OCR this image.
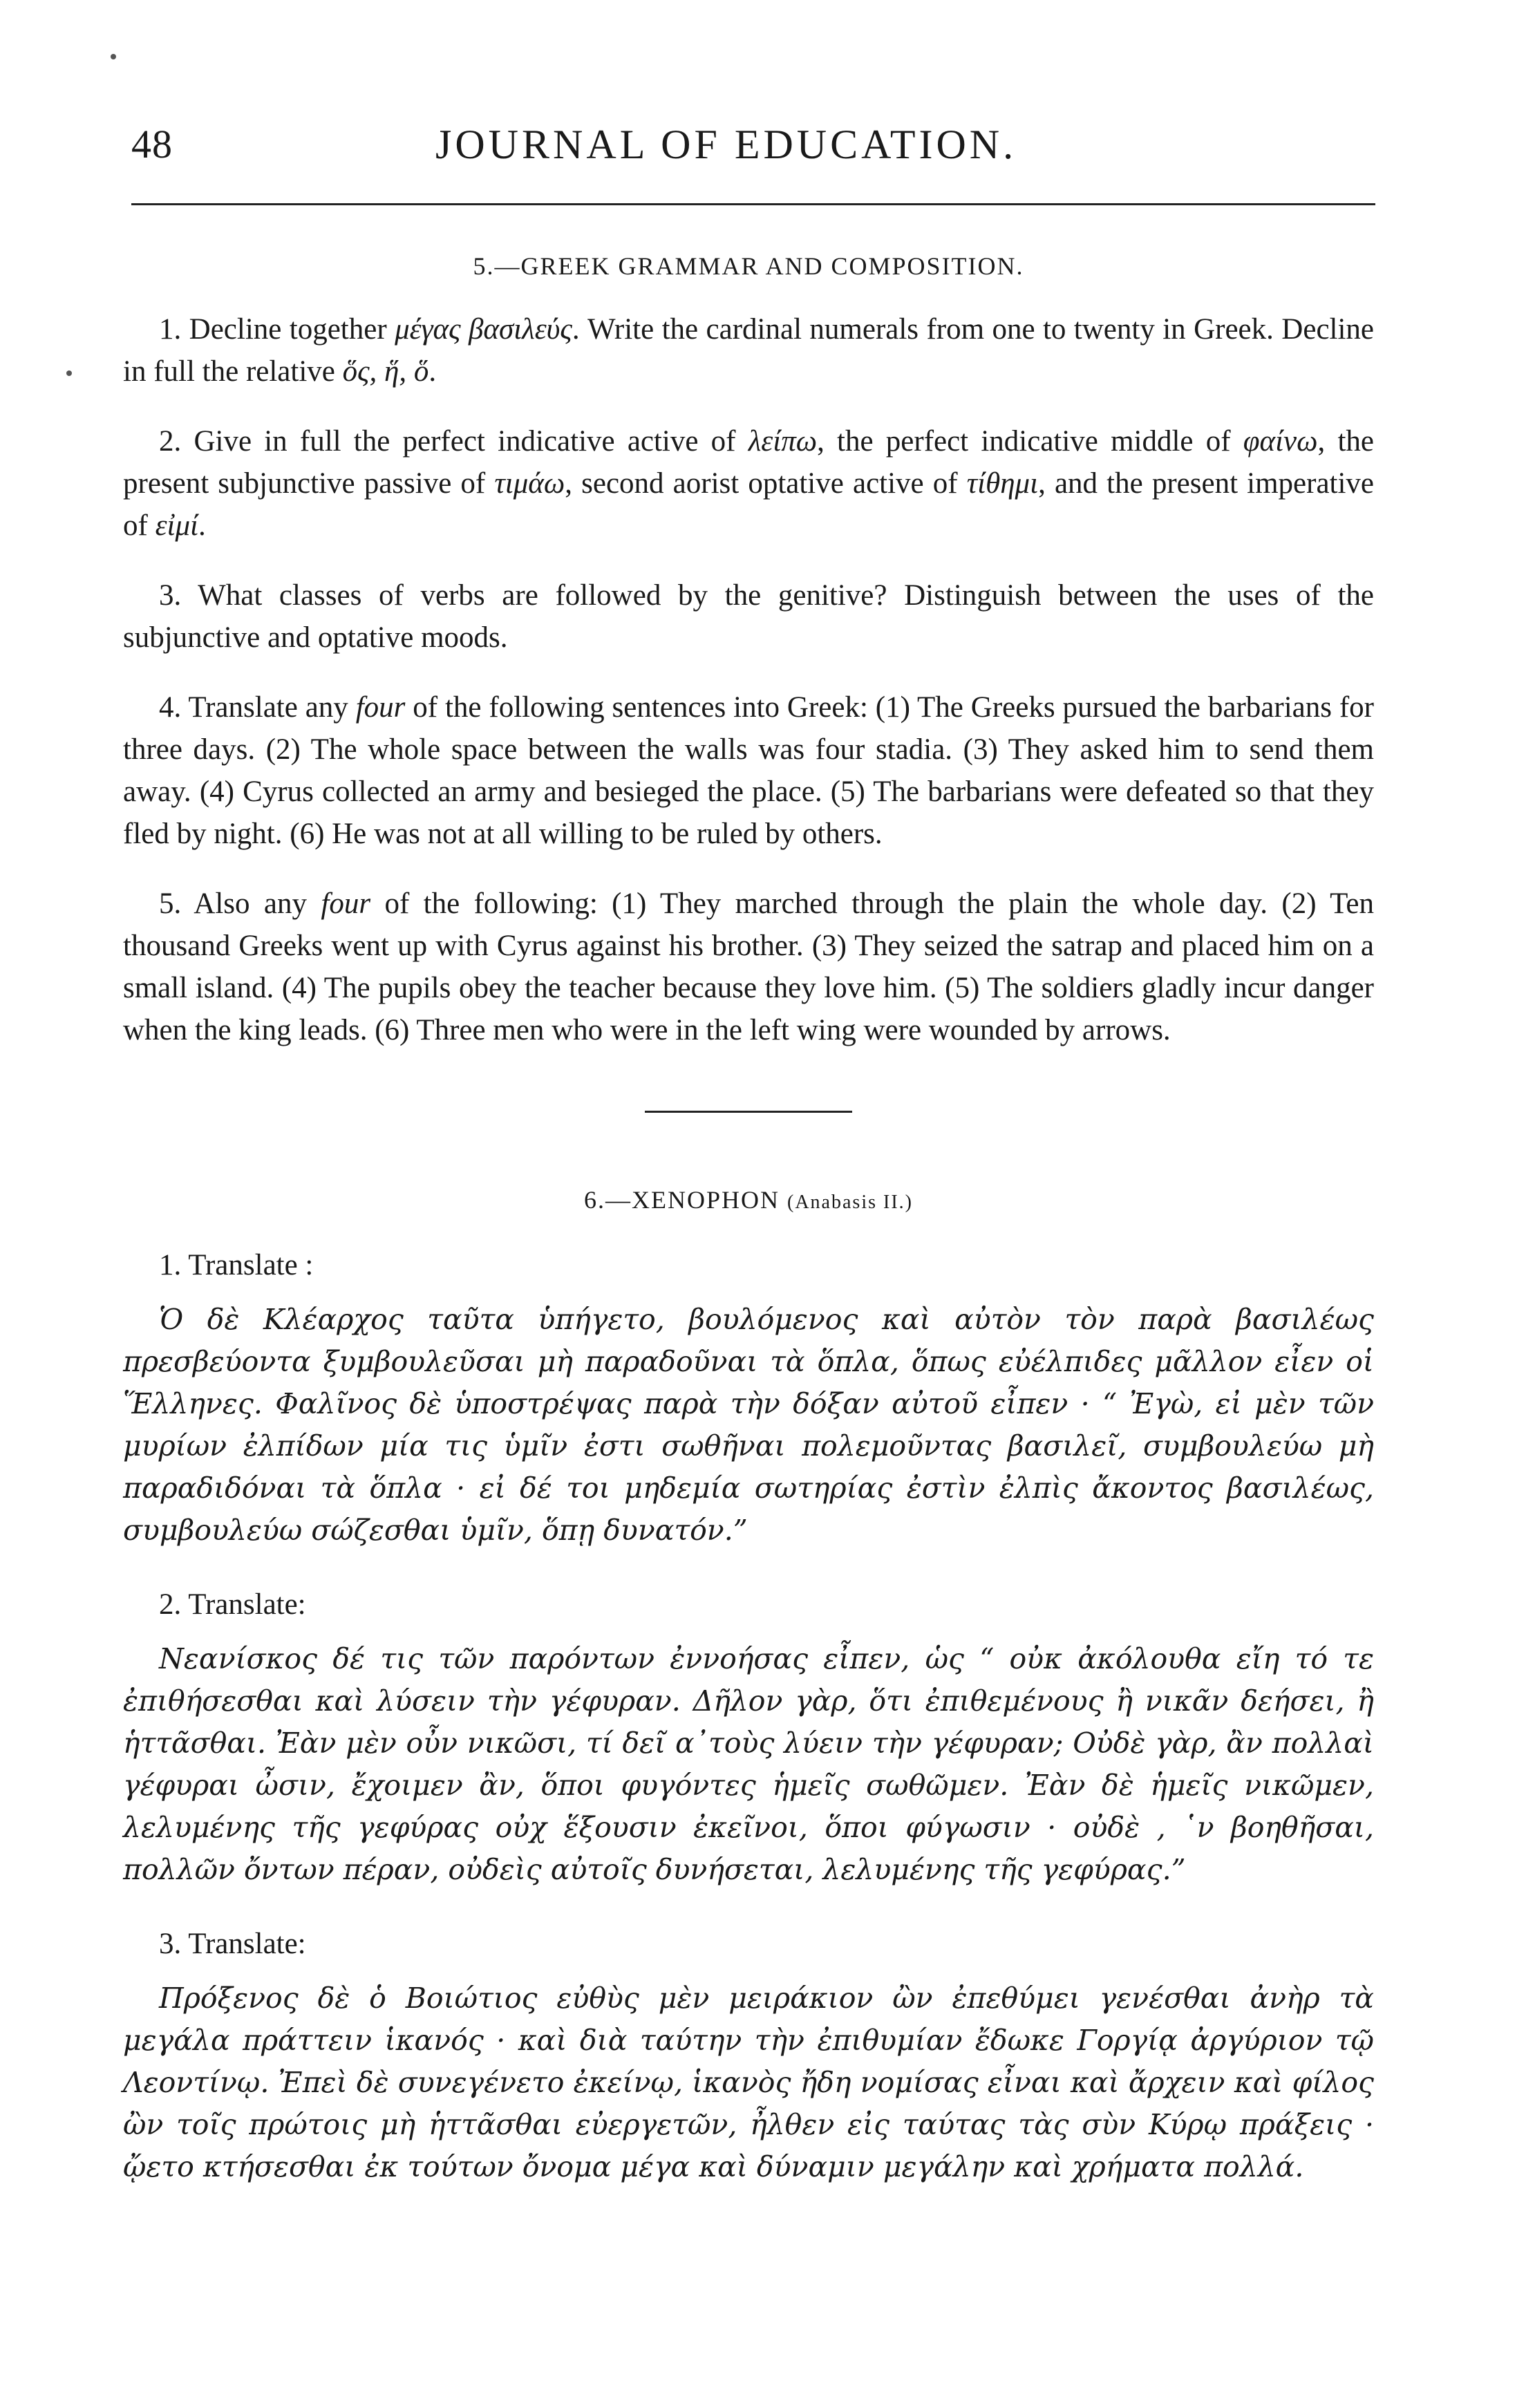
48	JOURNAL OF EDUCATION.
5.—GREEK GRAMMAR AND COMPOSITION.

1. Decline together μέγας βασιλεύς. Write the cardinal numerals from one to twenty in Greek. Decline in full the relative ὅς, ἥ, ὅ.

2. Give in full the perfect indicative active of λείπω, the perfect indicative middle of φαίνω, the present subjunctive passive of τιμάω, second aorist optative active of τίθημι, and the present imperative of εἰμί.

3. What classes of verbs are followed by the genitive? Distinguish between the uses of the subjunctive and optative moods.

4. Translate any four of the following sentences into Greek: (1) The Greeks pursued the barbarians for three days. (2) The whole space between the walls was four stadia. (3) They asked him to send them away. (4) Cyrus collected an army and besieged the place. (5) The barbarians were defeated so that they fled by night. (6) He was not at all willing to be ruled by others.

5. Also any four of the following: (1) They marched through the plain the whole day. (2) Ten thousand Greeks went up with Cyrus against his brother. (3) They seized the satrap and placed him on a small island. (4) The pupils obey the teacher because they love him. (5) The soldiers gladly incur danger when the king leads. (6) Three men who were in the left wing were wounded by arrows.

6.—XENOPHON (Anabasis II.)
1. Translate :

Ὁ δὲ Κλέαρχος ταῦτα ὑπήγετο, βουλόμενος καὶ αὐτὸν τὸν παρὰ βασιλέως πρεσβεύοντα ξυμβουλεῦσαι μὴ παραδοῦναι τὰ ὅπλα, ὅπως εὐέλπιδες μᾶλλον εἶεν οἱ Ἕλληνες. Φαλῖνος δὲ ὑποστρέψας παρὰ τὴν δόξαν αὐτοῦ εἶπεν · “ Ἐγὼ, εἰ μὲν τῶν μυρίων ἐλπίδων μία τις ὑμῖν ἐστι σωθῆναι πολεμοῦντας βασιλεῖ, συμβουλεύω μὴ παραδιδόναι τὰ ὅπλα · εἰ δέ τοι μηδεμία σωτηρίας ἐστὶν ἐλπὶς ἄκοντος βασιλέως, συμβουλεύω σώζεσθαι ὑμῖν, ὅπῃ δυνατόν.”

2. Translate:

Νεανίσκος δέ τις τῶν παρόντων ἐννοήσας εἶπεν, ὡς “ οὐκ ἀκόλουθα εἴη τό τε ἐπιθήσεσθαι καὶ λύσειν τὴν γέφυραν. Δῆλον γὰρ, ὅτι ἐπιθεμένους ἢ νικᾶν δεήσει, ἢ ἡττᾶσθαι. Ἐὰν μὲν οὖν νικῶσι, τί δεῖ α᾽τοὺς λύειν τὴν γέφυραν; Οὐδὲ γὰρ, ἂν πολλαὶ γέφυραι ὦσιν, ἔχοιμεν ἂν, ὅποι φυγόντες ἡμεῖς σωθῶμεν. Ἐὰν δὲ ἡμεῖς νικῶμεν, λελυμένης τῆς γεφύρας οὐχ ἕξουσιν ἐκεῖνοι, ὅποι φύγωσιν · οὐδὲ , ῾ν βοηθῆσαι, πολλῶν ὄντων πέραν, οὐδεὶς αὐτοῖς δυνήσεται, λελυμένης τῆς γεφύρας.”

3. Translate:

Πρόξενος δὲ ὁ Βοιώτιος εὐθὺς μὲν μειράκιον ὢν ἐπεθύμει γενέσθαι ἀνὴρ τὰ μεγάλα πράττειν ἱκανός · καὶ διὰ ταύτην τὴν ἐπιθυμίαν ἔδωκε Γοργίᾳ ἀργύριον τῷ Λεοντίνῳ. Ἐπεὶ δὲ συνεγένετο ἐκείνῳ, ἱκανὸς ἤδη νομίσας εἶναι καὶ ἄρχειν καὶ φίλος ὢν τοῖς πρώτοις μὴ ἡττᾶσθαι εὐεργετῶν, ἦλθεν εἰς ταύτας τὰς σὺν Κύρῳ πράξεις · ᾤετο κτήσεσθαι ἐκ τούτων ὄνομα μέγα καὶ δύναμιν μεγάλην καὶ χρήματα πολλά.
